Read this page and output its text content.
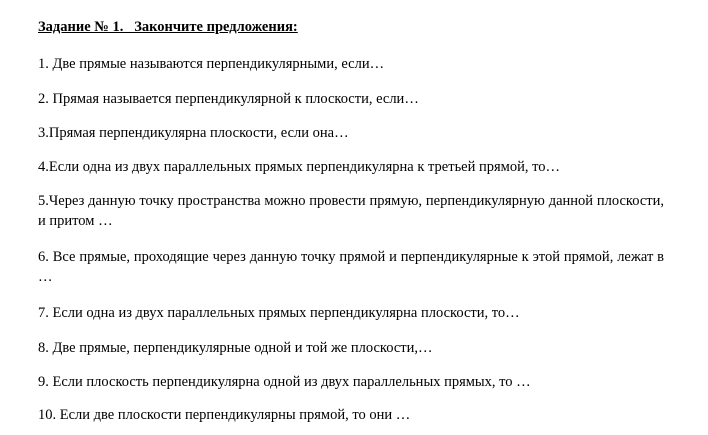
Задание № 1.   Закончите предложения:
1. Две прямые называются перпендикулярными, если…
2. Прямая называется перпендикулярной к плоскости, если…
3.Прямая перпендикулярна плоскости, если она…
4.Если одна из двух параллельных прямых перпендикулярна к третьей прямой, то…
5.Через данную точку пространства можно провести прямую, перпендикулярную данной плоскости, и притом …
6. Все прямые, проходящие через данную точку прямой и перпендикулярные к этой прямой, лежат в …
7. Если одна из двух параллельных прямых перпендикулярна плоскости, то…
8. Две прямые, перпендикулярные одной и той же плоскости,…
9. Если плоскость перпендикулярна одной из двух параллельных прямых, то …
10. Если две плоскости перпендикулярны прямой, то они …
